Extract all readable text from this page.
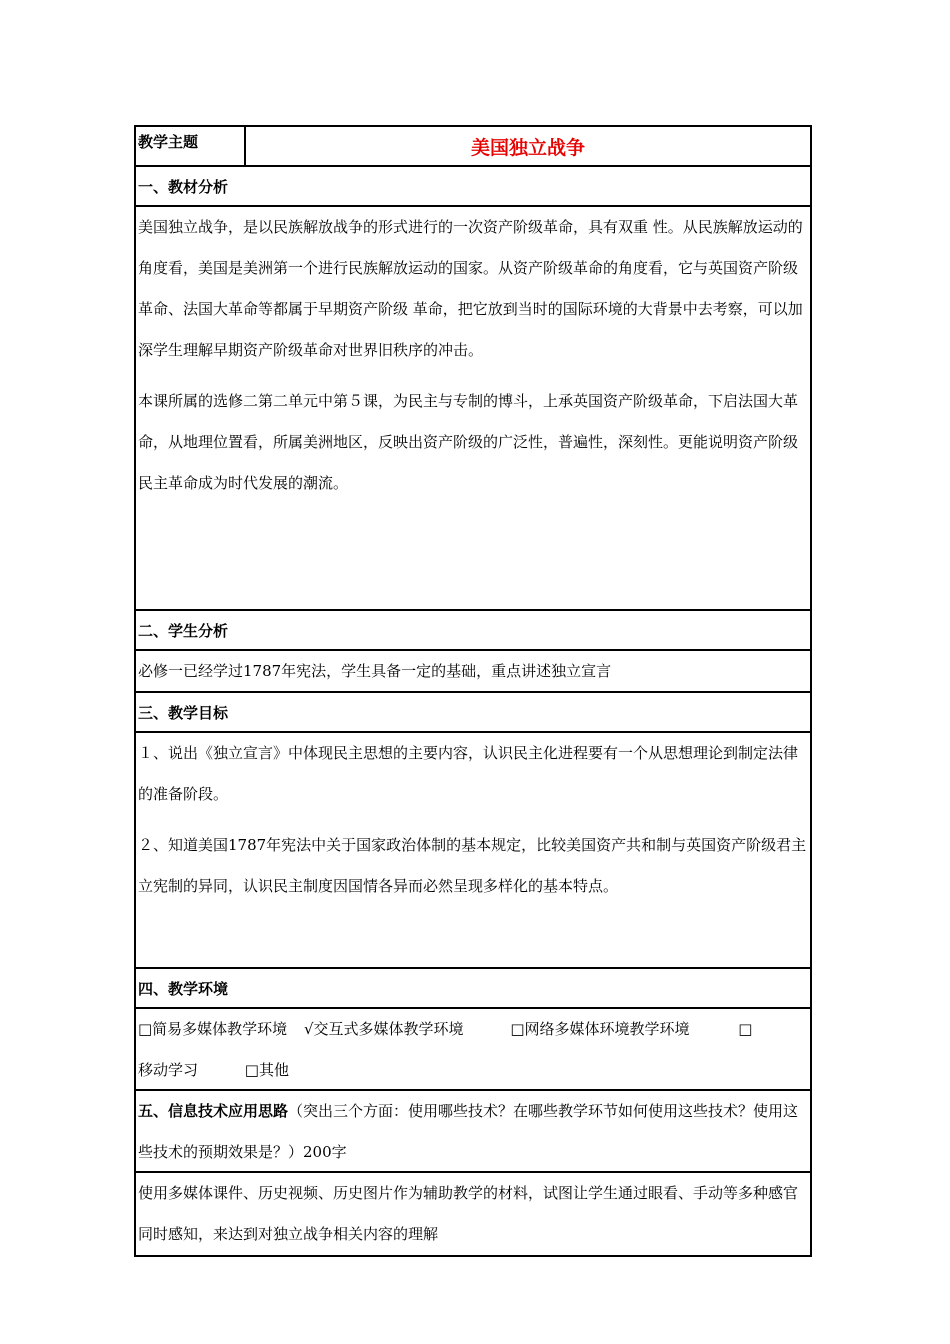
教学主题	美国独立战争
一、教材分析

美国独立战争，是以民族解放战争的形式进行的一次资产阶级革命，具有双重 性。从民族解放运动的角度看，美国是美洲第一个进行民族解放运动的国家。从资产阶级革命的角度看，它与英国资产阶级革命、法国大革命等都属于早期资产阶级 革命，把它放到当时的国际环境的大背景中去考察，可以加深学生理解早期资产阶级革命对世界旧秩序的冲击。

本课所属的选修二第二单元中第５课，为民主与专制的博斗，上承英国资产阶级革命，下启法国大革命，从地理位置看，所属美洲地区，反映出资产阶级的广泛性，普遍性，深刻性。更能说明资产阶级民主革命成为时代发展的潮流。

二、学生分析

必修一已经学过1787年宪法，学生具备一定的基础，重点讲述独立宣言

三、教学目标

１、说出《独立宣言》中体现民主思想的主要内容，认识民主化进程要有一个从思想理论到制定法律的准备阶段。

２、知道美国1787年宪法中关于国家政治体制的基本规定，比较美国资产共和制与英国资产阶级君主立宪制的异同，认识民主制度因国情各异而必然呈现多样化的基本特点。

四、教学环境
□简易多媒体教学环境 √交互式多媒体教学环境	□网络多媒体环境教学环境	□
移动学习	□其他
五、信息技术应用思路（突出三个方面：使用哪些技术？在哪些教学环节如何使用这些技术？使用这些技术的预期效果是？）200字

使用多媒体课件、历史视频、历史图片作为辅助教学的材料，试图让学生通过眼看、手动等多种感官同时感知，来达到对独立战争相关内容的理解
